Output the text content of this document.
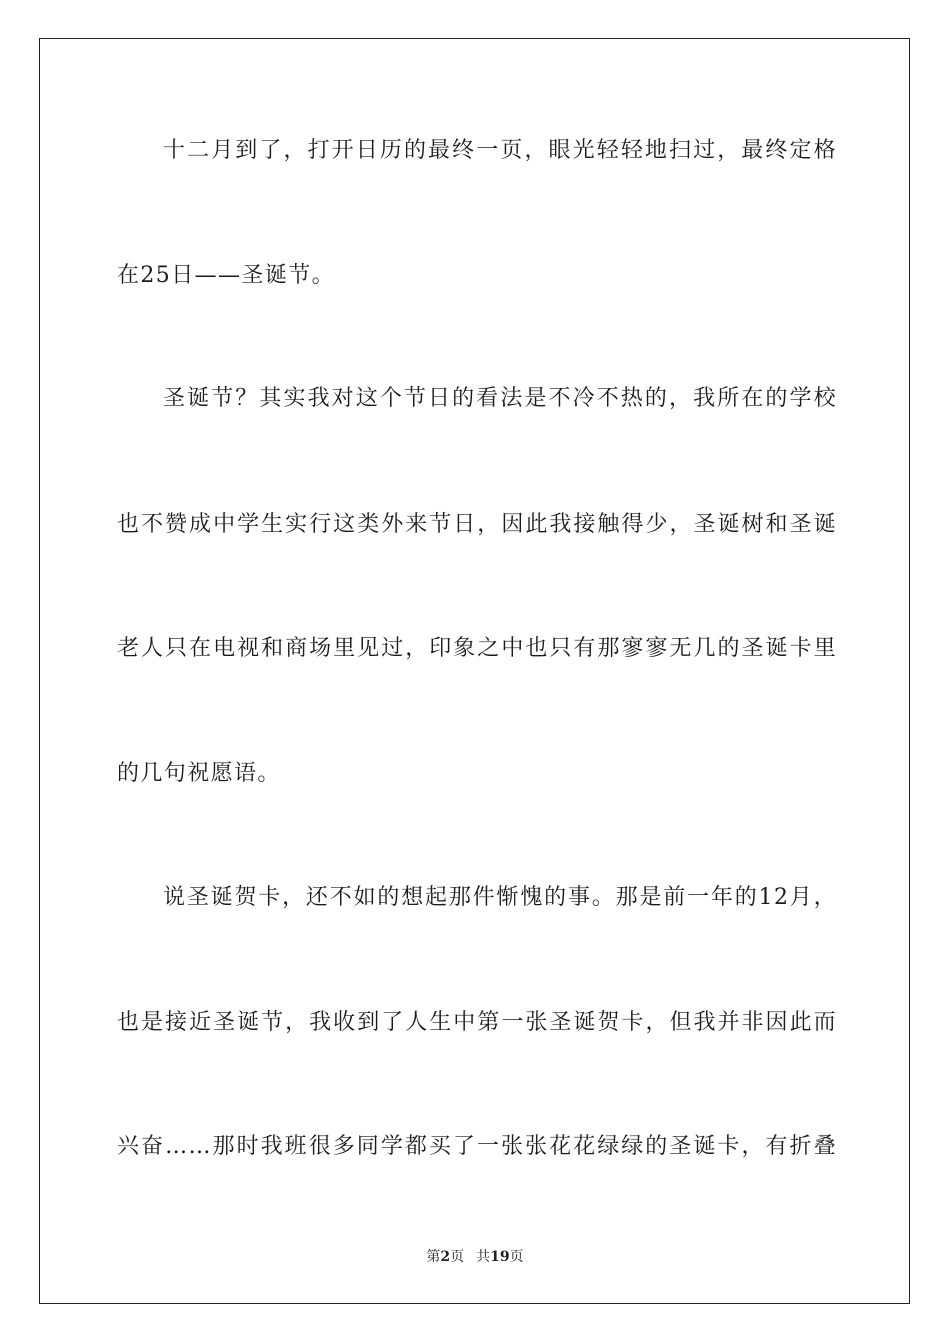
十二月到了，打开日历的最终一页，眼光轻轻地扫过，最终定格
在25日——圣诞节。
圣诞节？其实我对这个节日的看法是不冷不热的，我所在的学校
也不赞成中学生实行这类外来节日，因此我接触得少，圣诞树和圣诞
老人只在电视和商场里见过，印象之中也只有那寥寥无几的圣诞卡里
的几句祝愿语。
说圣诞贺卡，还不如的想起那件惭愧的事。那是前一年的12月，
也是接近圣诞节，我收到了人生中第一张圣诞贺卡，但我并非因此而
兴奋……那时我班很多同学都买了一张张花花绿绿的圣诞卡，有折叠
第2页 共19页
